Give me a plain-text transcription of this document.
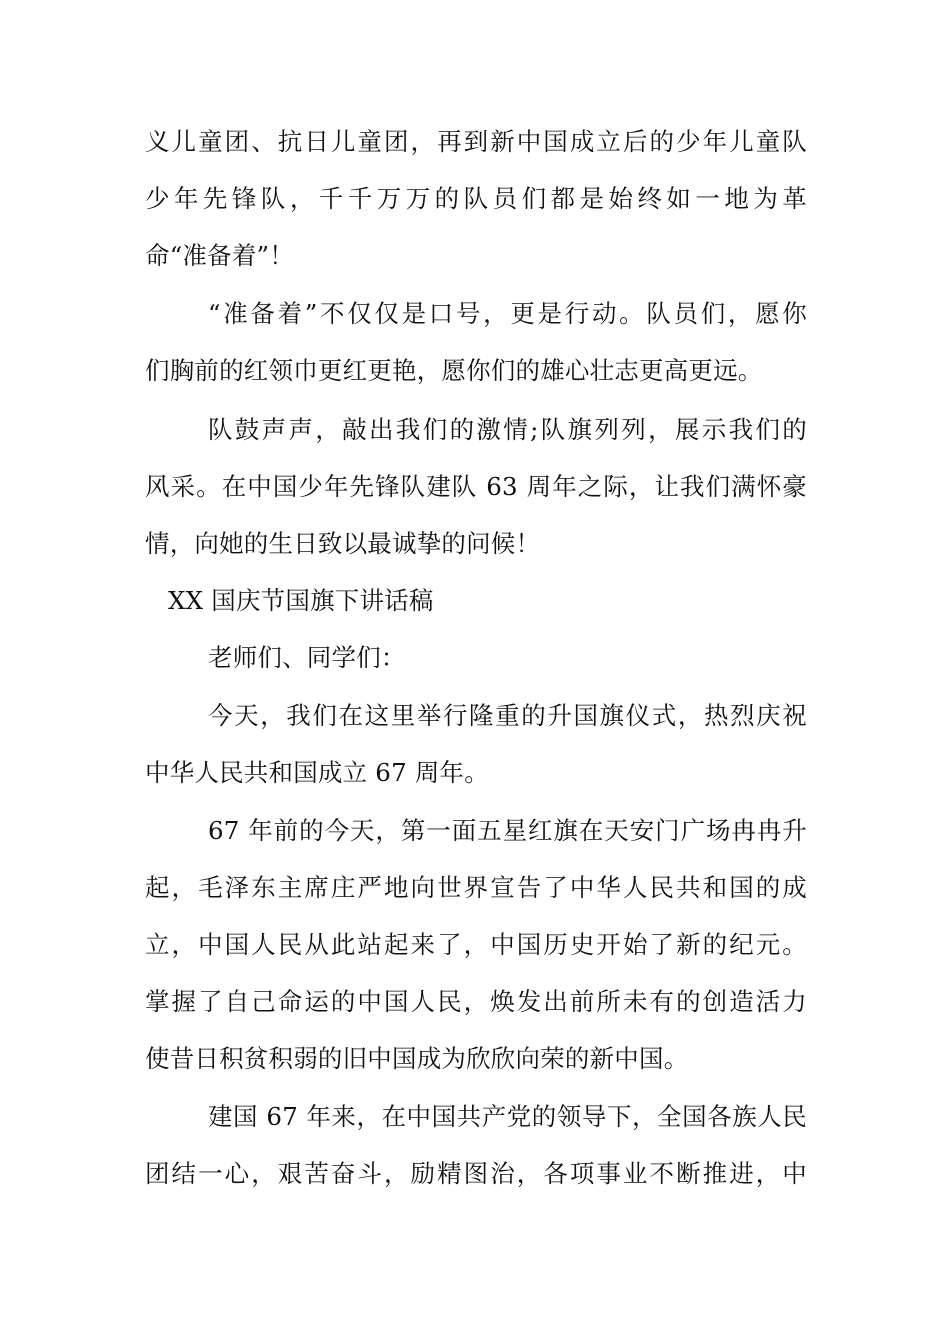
义儿童团、抗日儿童团，再到新中国成立后的少年儿童队
少年先锋队，千千万万的队员们都是始终如一地为革
命“准备着”！
“准备着”不仅仅是口号，更是行动。队员们，愿你
们胸前的红领巾更红更艳，愿你们的雄心壮志更高更远。
队鼓声声，敲出我们的激情;队旗列列，展示我们的
风采。在中国少年先锋队建队 63 周年之际，让我们满怀豪
情，向她的生日致以最诚挚的问候！
XX 国庆节国旗下讲话稿
老师们、同学们：
今天，我们在这里举行隆重的升国旗仪式，热烈庆祝
中华人民共和国成立 67 周年。
67 年前的今天，第一面五星红旗在天安门广场冉冉升
起，毛泽东主席庄严地向世界宣告了中华人民共和国的成
立，中国人民从此站起来了，中国历史开始了新的纪元。
掌握了自己命运的中国人民，焕发出前所未有的创造活力
使昔日积贫积弱的旧中国成为欣欣向荣的新中国。
建国 67 年来，在中国共产党的领导下，全国各族人民
团结一心，艰苦奋斗，励精图治，各项事业不断推进，中
